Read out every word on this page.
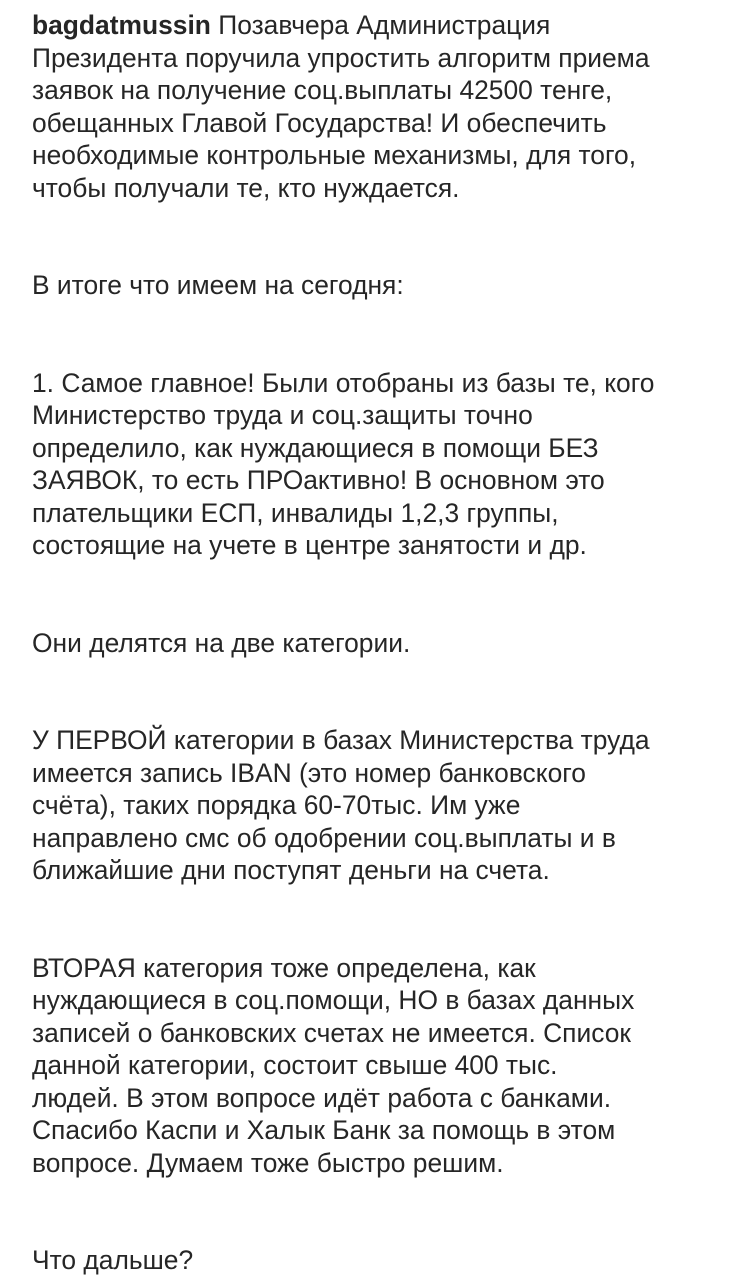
bagdatmussin Позавчера Администрация
Президента поручила упростить алгоритм приема
заявок на получение соц.выплаты 42500 тенге,
обещанных Главой Государства! И обеспечить
необходимые контрольные механизмы, для того,
чтобы получали те, кто нуждается.

В итоге что имеем на сегодня:

1. Самое главное! Были отобраны из базы те, кого
Министерство труда и соц.защиты точно
определило, как нуждающиеся в помощи БЕЗ
ЗАЯВОК, то есть ПРОактивно! В основном это
плательщики ЕСП, инвалиды 1,2,3 группы,
состоящие на учете в центре занятости и др.

Они делятся на две категории.

У ПЕРВОЙ категории в базах Министерства труда
имеется запись IBAN (это номер банковского
счёта), таких порядка 60-70тыс. Им уже
направлено смс об одобрении соц.выплаты и в
ближайшие дни поступят деньги на счета.

ВТОРАЯ категория тоже определена, как
нуждающиеся в соц.помощи, НО в базах данных
записей о банковских счетах не имеется. Список
данной категории, состоит свыше 400 тыс.
людей. В этом вопросе идёт работа с банками.
Спасибо Каспи и Халык Банк за помощь в этом
вопросе. Думаем тоже быстро решим.

Что дальше?
